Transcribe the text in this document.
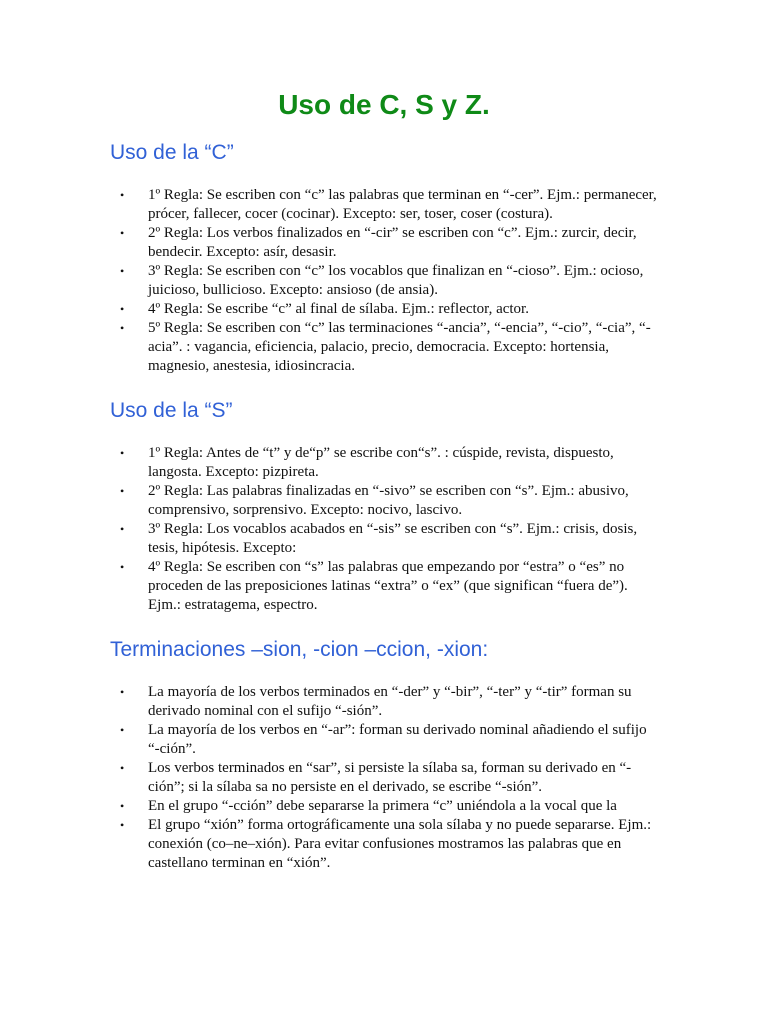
Uso de C, S y Z.
Uso de la “C”
• 1º Regla: Se escriben con “c” las palabras que terminan en “-cer”. Ejm.: permanecer, prócer, fallecer, cocer (cocinar). Excepto: ser, toser, coser (costura).
• 2º Regla: Los verbos finalizados en “-cir” se escriben con “c”. Ejm.: zurcir, decir, bendecir. Excepto: asír, desasir.
• 3º Regla: Se escriben con “c” los vocablos que finalizan en “-cioso”. Ejm.: ocioso, juicioso, bullicioso. Excepto: ansioso (de ansia).
• 4º Regla: Se escribe “c” al final de sílaba. Ejm.: reflector, actor.
• 5º Regla: Se escriben con “c” las terminaciones “-ancia”, “-encia”, “-cio”, “-cia”, “-acia”. : vagancia, eficiencia, palacio, precio, democracia. Excepto: hortensia, magnesio, anestesia, idiosincracia.
Uso de la “S”
• 1º Regla: Antes de “t” y de“p” se escribe con“s”. : cúspide, revista, dispuesto, langosta. Excepto: pizpireta.
• 2º Regla: Las palabras finalizadas en “-sivo” se escriben con “s”. Ejm.: abusivo, comprensivo, sorprensivo. Excepto: nocivo, lascivo.
• 3º Regla: Los vocablos acabados en “-sis” se escriben con “s”. Ejm.: crisis, dosis, tesis, hipótesis. Excepto:
• 4º Regla: Se escriben con “s” las palabras que empezando por “estra” o “es” no proceden de las preposiciones latinas “extra” o “ex” (que significan “fuera de”). Ejm.: estratagema, espectro.
Terminaciones –sion, -cion –ccion, -xion:
• La mayoría de los verbos terminados en “-der” y “-bir”, “-ter” y “-tir” forman su derivado nominal con el sufijo “-sión”.
• La mayoría de los verbos en “-ar”: forman su derivado nominal añadiendo el sufijo “-ción”.
• Los verbos terminados en “sar”, si persiste la sílaba sa, forman su derivado en “-ción”; si la sílaba sa no persiste en el derivado, se escribe “-sión”.
• En el grupo “-cción” debe separarse la primera “c” uniéndola a la vocal que la
• El grupo “xión” forma ortográficamente una sola sílaba y no puede separarse. Ejm.: conexión (co–ne–xión). Para evitar confusiones mostramos las palabras que en castellano terminan en “xión”.
